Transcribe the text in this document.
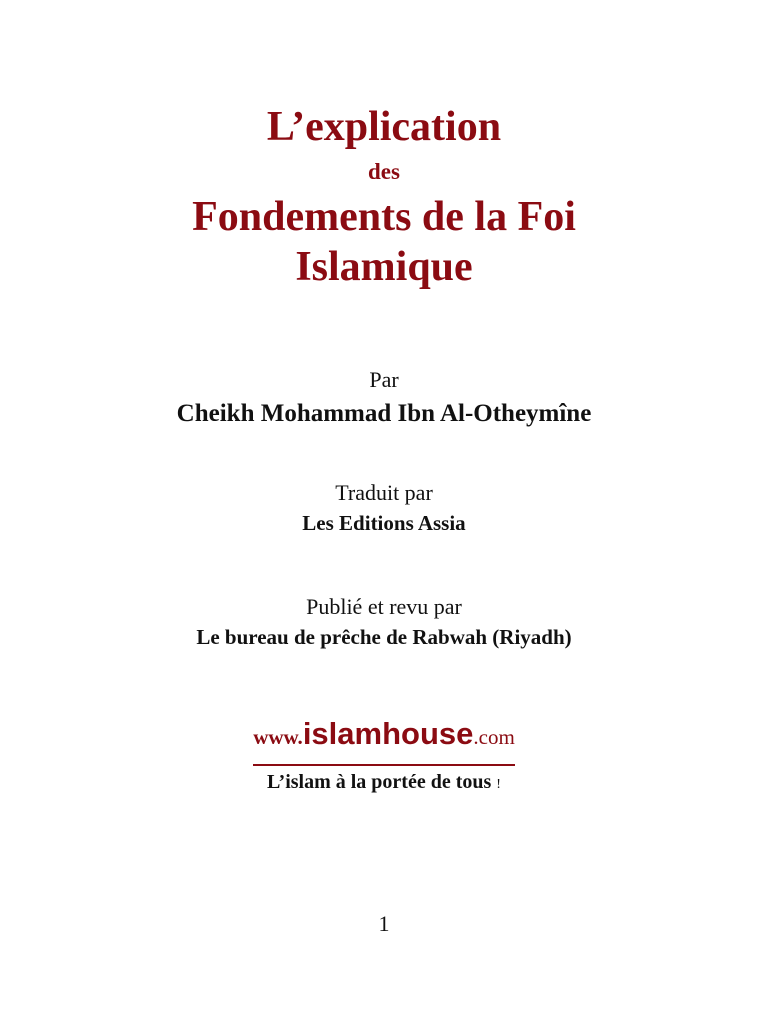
L’explication
des
Fondements de la Foi
Islamique
Par
Cheikh Mohammad Ibn Al-Otheymîne
Traduit par
Les Editions Assia
Publié et revu par
Le bureau de prêche de Rabwah (Riyadh)
www.islamhouse.com
L’islam à la portée de tous !
1
